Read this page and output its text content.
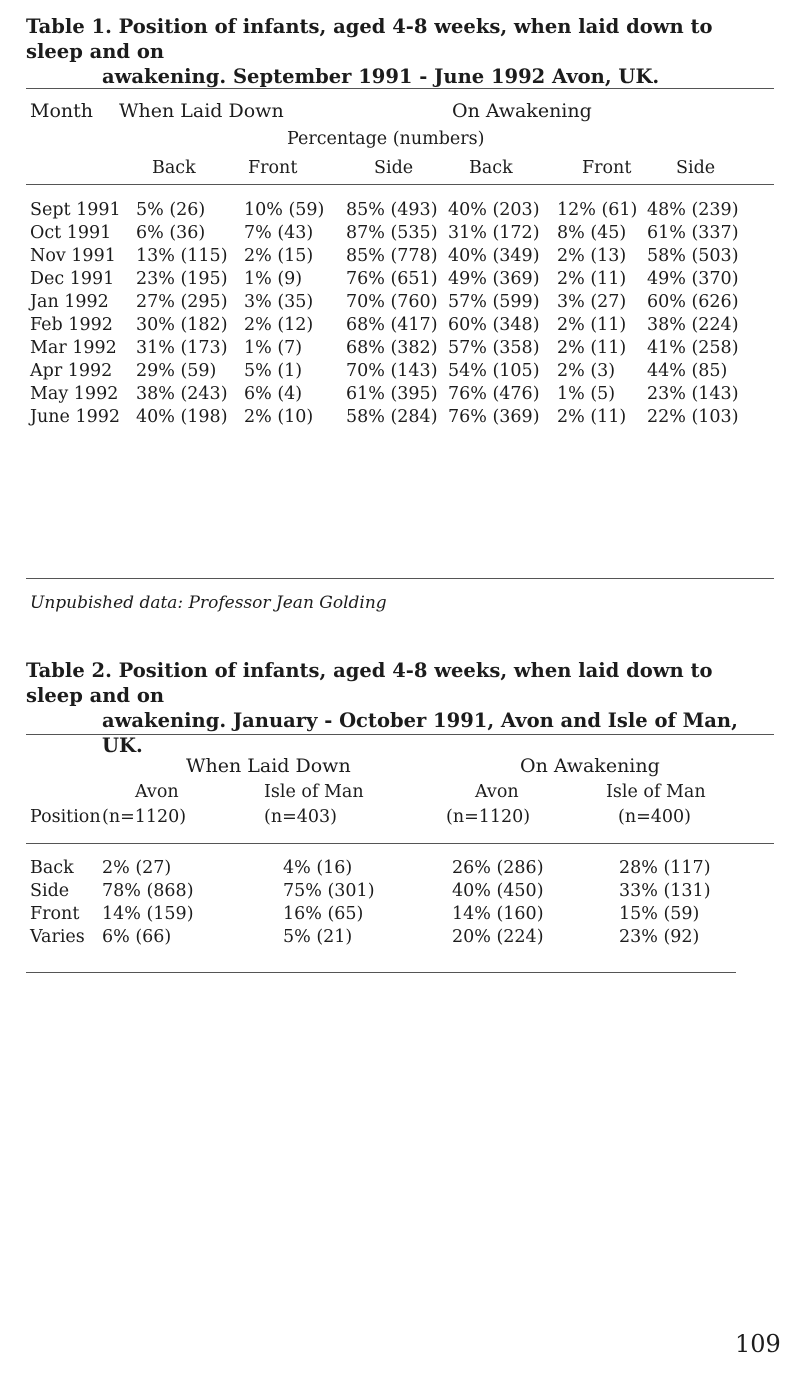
Table 1. Position of infants, aged 4-8 weeks, when laid down to sleep and on
awakening. September 1991 - June 1992 Avon, UK.
Month When Laid Down	On Awakening
Percentage (numbers)
Back	Front	Side	Back	Front	Side
Sept 1991 5% (26) 10% (59) 85% (493) 40% (203) 12% (61) 48% (239)
Oct 1991 6% (36) 7% (43) 87% (535) 31% (172) 8% (45) 61% (337)
Nov 1991 13% (115) 2% (15) 85% (778) 40% (349) 2% (13) 58% (503)
Dec 1991 23% (195) 1% (9)	76% (651) 49% (369) 2% (11) 49% (370)
Jan 1992 27% (295) 3% (35) 70% (760) 57% (599) 3% (27) 60% (626)
Feb 1992 30% (182) 2% (12) 68% (417) 60% (348) 2% (11) 38% (224)
Mar 1992 31% (173) 1% (7)	68% (382) 57% (358) 2% (11) 41% (258)
Apr 1992 29% (59) 5% (1)	70% (143) 54% (105) 2% (3) 44% (85)
May 1992 38% (243) 6% (4)	61% (395) 76% (476) 1% (5) 23% (143)
June 1992 40% (198) 2% (10) 58% (284) 76% (369) 2% (11) 22% (103)
Unpubished data: Professor Jean Golding
Table 2. Position of infants, aged 4-8 weeks, when laid down to sleep and on
awakening. January - October 1991, Avon and Isle of Man, UK.
When Laid Down	On Awakening
Avon	Isle of Man	Avon	Isle of Man
Position (n=1120)	(n=403)	(n=1120)	(n=400)
Back 2% (27)	4% (16)	26% (286)	28% (117)
Side 78% (868)	75% (301)	40% (450)	33% (131)
Front 14% (159)	16% (65)	14% (160)	15% (59)
Varies 6% (66)	5% (21)	20% (224)	23% (92)
109
